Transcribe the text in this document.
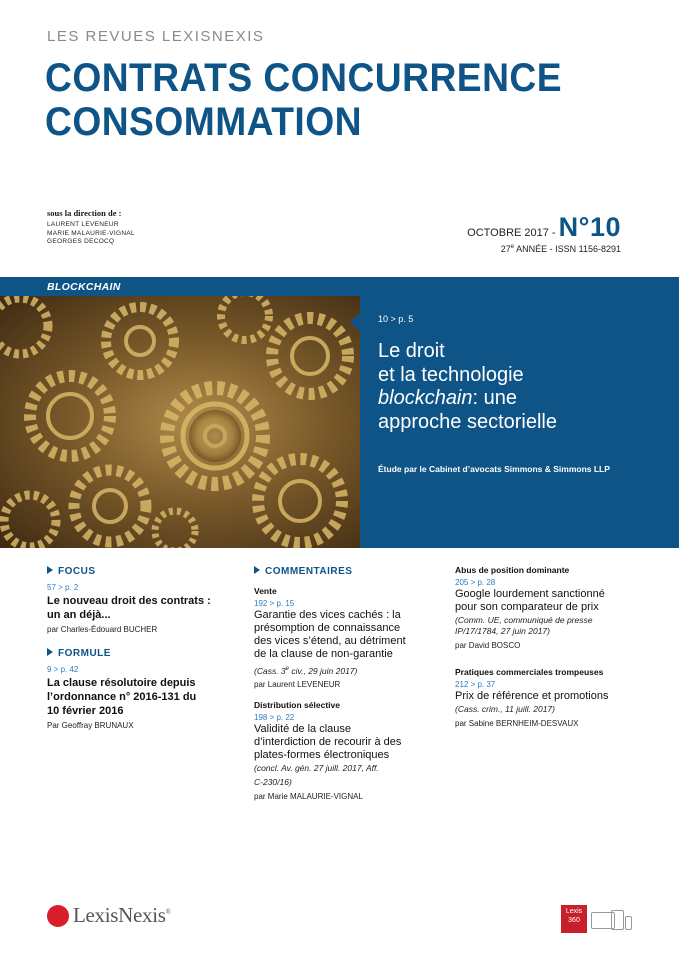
LES REVUES LEXISNEXIS
CONTRATS CONCURRENCE
CONSOMMATION
sous la direction de :
LAURENT LEVENEUR
MARIE MALAURIE-VIGNAL
GEORGES DECOCQ
OCTOBRE 2017 - N°10
27e ANNÉE - ISSN 1156-8291
BLOCKCHAIN
10 > p. 5
Le droit
et la technologie
blockchain: une
approche sectorielle
Étude par le Cabinet d’avocats Simmons & Simmons LLP
FOCUS
57 > p. 2
Le nouveau droit des contrats :
un an déjà...
par Charles-Édouard BUCHER
FORMULE
9 > p. 42
La clause résolutoire depuis
l’ordonnance n° 2016-131 du
10 février 2016
Par Geoffray BRUNAUX
COMMENTAIRES
Vente
192 > p. 15
Garantie des vices cachés : la
présomption de connaissance
des vices s’étend, au détriment
de la clause de non-garantie
(Cass. 3e civ., 29 juin 2017)
par Laurent LEVENEUR
Distribution sélective
198 > p. 22
Validité de la clause
d’interdiction de recourir à des
plates-formes électroniques
(concl. Av. gén. 27 juill. 2017, Aff.
C-230/16)
par Marie MALAURIE-VIGNAL
Abus de position dominante
205 > p. 28
Google lourdement sanctionné
pour son comparateur de prix
(Comm. UE, communiqué de presse
IP/17/1784, 27 juin 2017)
par David BOSCO
Pratiques commerciales trompeuses
212 > p. 37
Prix de référence et promotions
(Cass. crim., 11 juill. 2017)
par Sabine BERNHEIM-DESVAUX
LexisNexis®	Lexis
360
